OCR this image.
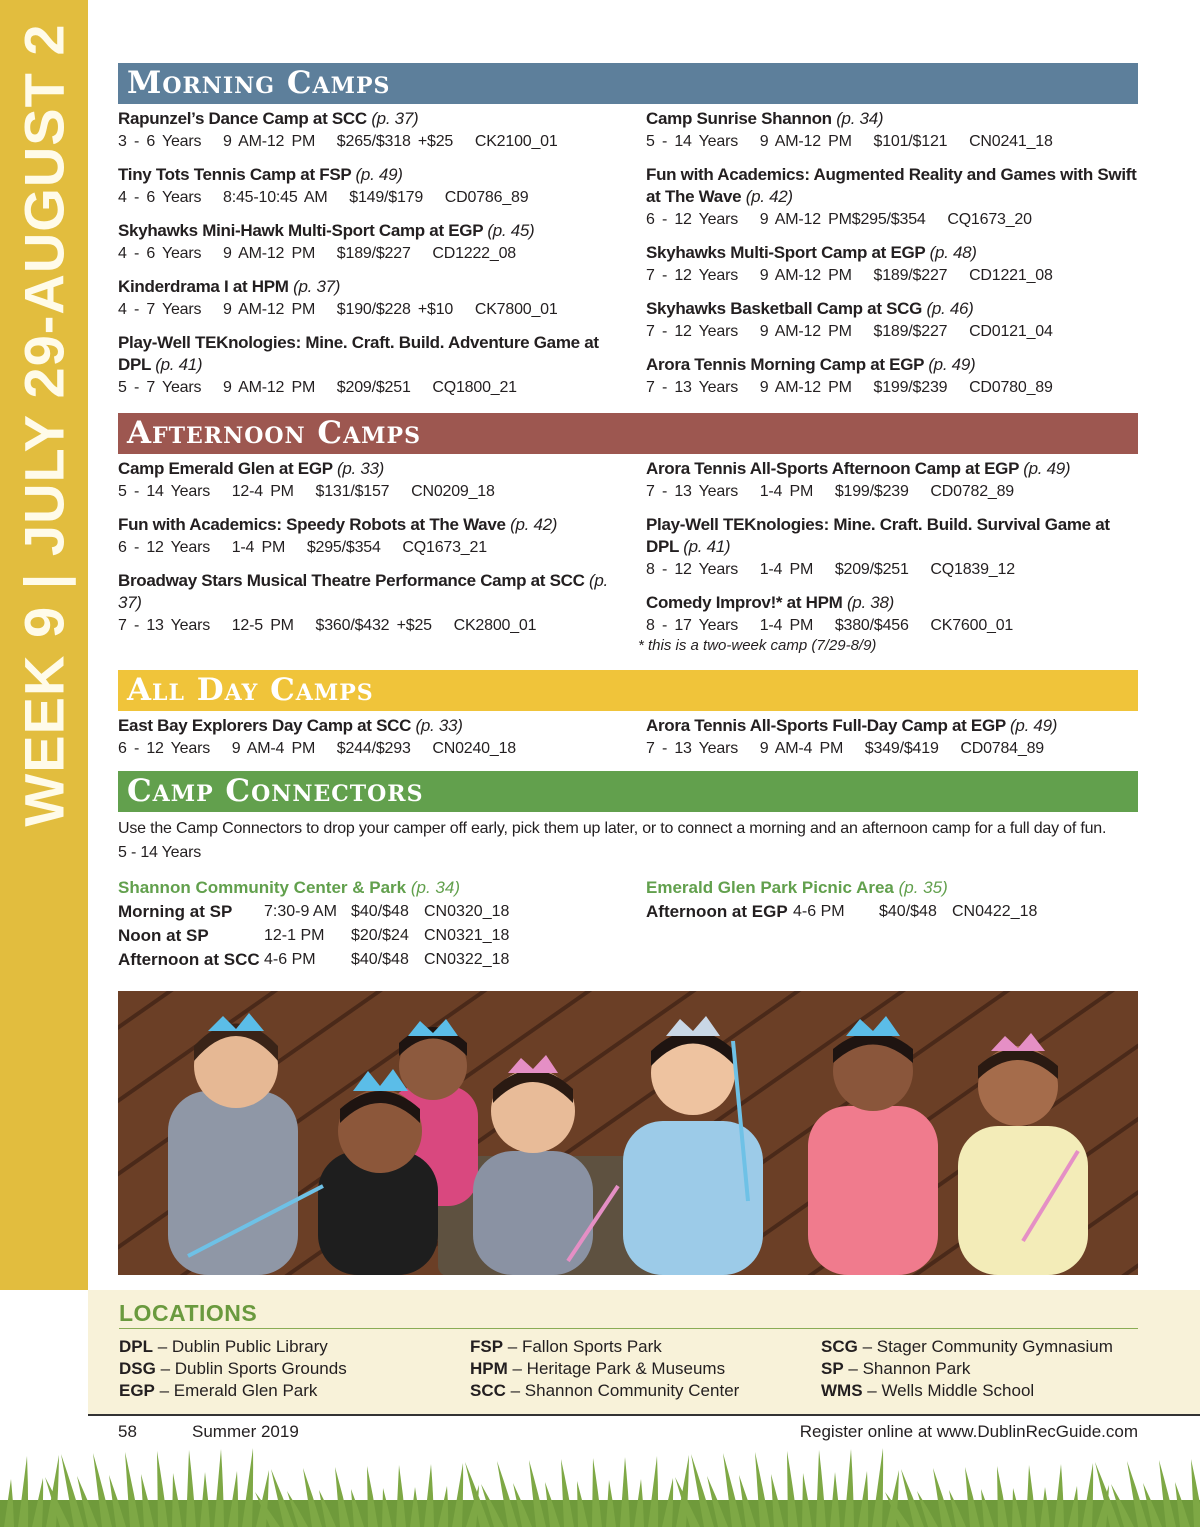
WEEK 9 | JULY 29-AUGUST 2 Morning Camps
Rapunzel’s Dance Camp at SCC (p. 37)
3 - 6 Years   9 AM-12 PM   $265/$318 +$25   CK2100_01
Tiny Tots Tennis Camp at FSP (p. 49)
4 - 6 Years   8:45-10:45 AM   $149/$179   CD0786_89
Skyhawks Mini-Hawk Multi-Sport Camp at EGP (p. 45)
4 - 6 Years   9 AM-12 PM   $189/$227   CD1222_08
Kinderdrama I at HPM (p. 37)
4 - 7 Years   9 AM-12 PM   $190/$228 +$10   CK7800_01
Play-Well TEKnologies: Mine. Craft. Build. Adventure Game at DPL (p. 41)
5 - 7 Years   9 AM-12 PM   $209/$251   CQ1800_21
Camp Sunrise Shannon (p. 34)
5 - 14 Years   9 AM-12 PM   $101/$121   CN0241_18
Fun with Academics: Augmented Reality and Games with Swift at The Wave (p. 42)
6 - 12 Years   9 AM-12 PM$295/$354   CQ1673_20
Skyhawks Multi-Sport Camp at EGP (p. 48)
7 - 12 Years   9 AM-12 PM   $189/$227   CD1221_08
Skyhawks Basketball Camp at SCG (p. 46)
7 - 12 Years   9 AM-12 PM   $189/$227   CD0121_04
Arora Tennis Morning Camp at EGP (p. 49)
7 - 13 Years   9 AM-12 PM   $199/$239   CD0780_89
Afternoon Camps
Camp Emerald Glen at EGP (p. 33)
5 - 14 Years   12-4 PM   $131/$157   CN0209_18
Fun with Academics: Speedy Robots at The Wave (p. 42)
6 - 12 Years   1-4 PM   $295/$354   CQ1673_21
Broadway Stars Musical Theatre Performance Camp at SCC (p. 37)
7 - 13 Years   12-5 PM   $360/$432 +$25   CK2800_01
Arora Tennis All-Sports Afternoon Camp at EGP (p. 49)
7 - 13 Years   1-4 PM   $199/$239   CD0782_89
Play-Well TEKnologies: Mine. Craft. Build. Survival Game at DPL (p. 41)
8 - 12 Years   1-4 PM   $209/$251   CQ1839_12
Comedy Improv!* at HPM (p. 38)
8 - 17 Years   1-4 PM   $380/$456   CK7600_01
* this is a two-week camp (7/29-8/9)
All Day Camps
East Bay Explorers Day Camp at SCC (p. 33)
6 - 12 Years   9 AM-4 PM   $244/$293   CN0240_18
Arora Tennis All-Sports Full-Day Camp at EGP (p. 49)
7 - 13 Years   9 AM-4 PM   $349/$419   CD0784_89
Camp Connectors
Use the Camp Connectors to drop your camper off early, pick them up later, or to connect a morning and an afternoon camp for a full day of fun.
5 - 14 Years
Shannon Community Center & Park (p. 34)
Morning at SP	7:30-9 AM $40/$48 CN0320_18
Noon at SP	12-1 PM	$20/$24 CN0321_18
Afternoon at SCC 4-6 PM	$40/$48 CN0322_18
Emerald Glen Park Picnic Area (p. 35)
Afternoon at EGP 4-6 PM	$40/$48 CN0422_18
LOCATIONS
DPL – Dublin Public Library
DSG – Dublin Sports Grounds
EGP – Emerald Glen Park
FSP – Fallon Sports Park
HPM – Heritage Park & Museums
SCC – Shannon Community Center
SCG – Stager Community Gymnasium
SP – Shannon Park
WMS – Wells Middle School
58	Summer 2019	Register online at www.DublinRecGuide.com
